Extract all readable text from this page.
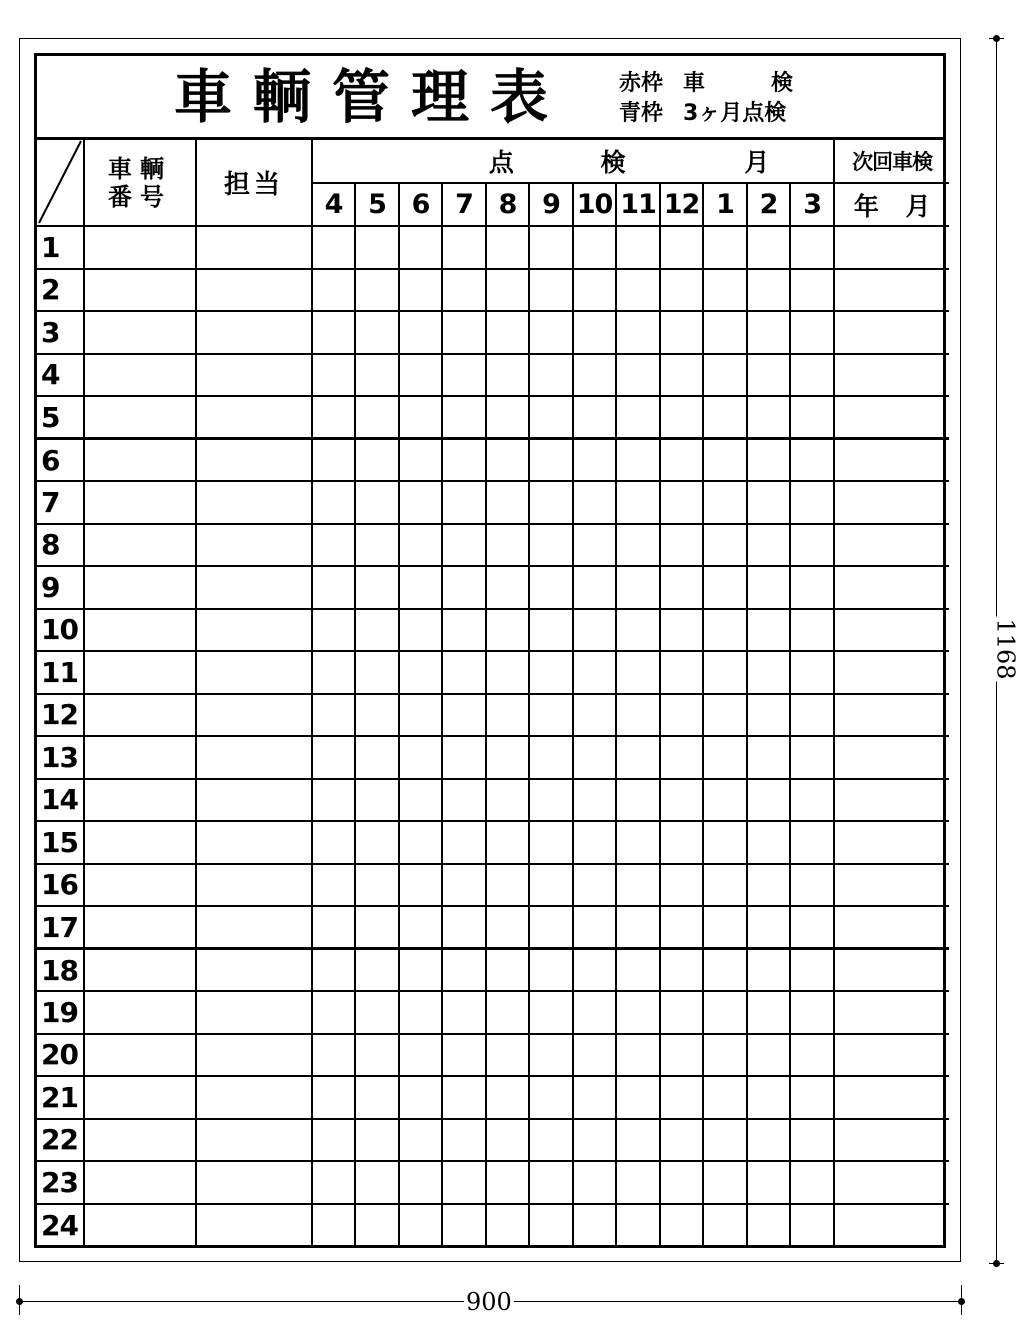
車輌管理表 赤枠 車　　　検
青枠 3ヶ月点検

車輌
番号	担当	点 検 月												次回車検
			4	5	6	7	8	9	10	11	12	1	2	3	年 月
1															
2															
3															
4															
5															
6															
7															
8															
9															
10															
11															
12															
13															
14															
15															
16															
17															
18															
19															
20															
21															
22															
23															
24															
1168
900
